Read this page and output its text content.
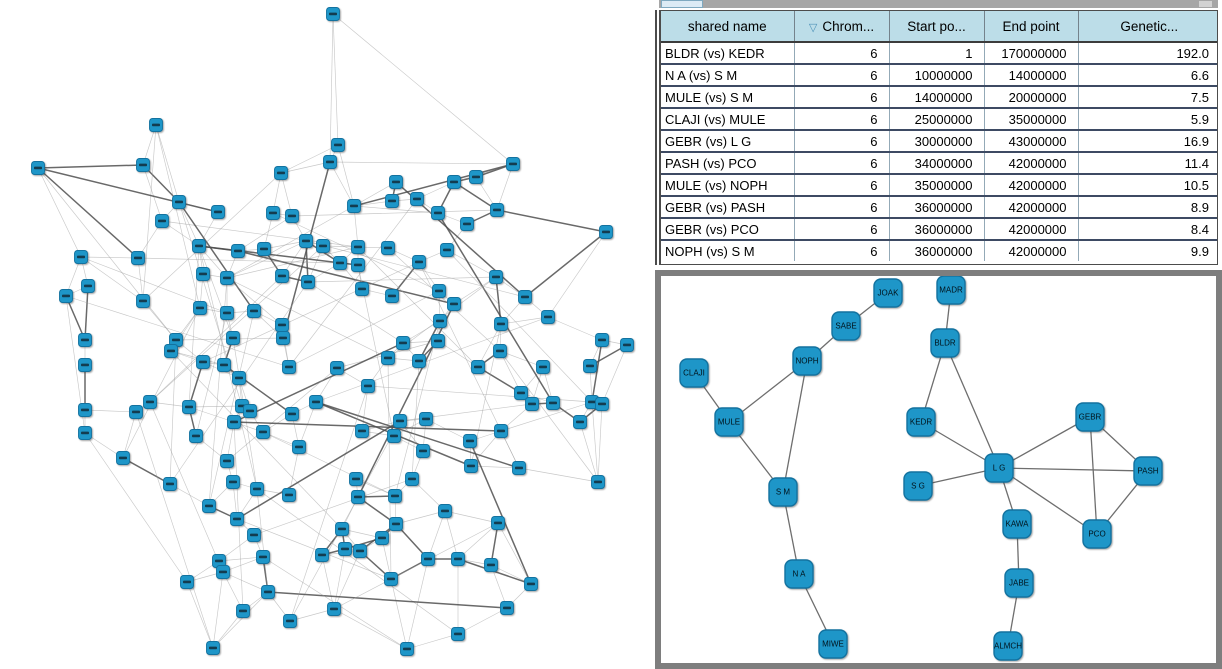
shared name	▽ Chrom...	Start po...	End point	Genetic...
BLDR (vs) KEDR	6	1	170000000	192.0
N A (vs) S M	6	10000000	14000000	6.6
MULE (vs) S M	6	14000000	20000000	7.5
CLAJI (vs) MULE	6	25000000	35000000	5.9
GEBR (vs) L G	6	30000000	43000000	16.9
PASH (vs) PCO	6	34000000	42000000	11.4
MULE (vs) NOPH	6	35000000	42000000	10.5
GEBR (vs) PASH	6	36000000	42000000	8.9
GEBR (vs) PCO	6	36000000	42000000	8.4
NOPH (vs) S M	6	36000000	42000000	9.9
JOAK	MADR
SABE
BLDR
NOPH
CLAJI
KEDR
GEBR
MULE
L G	PASH
S G
S M
KAWA
PCO
N A
JABE
MIWE	ALMCH
